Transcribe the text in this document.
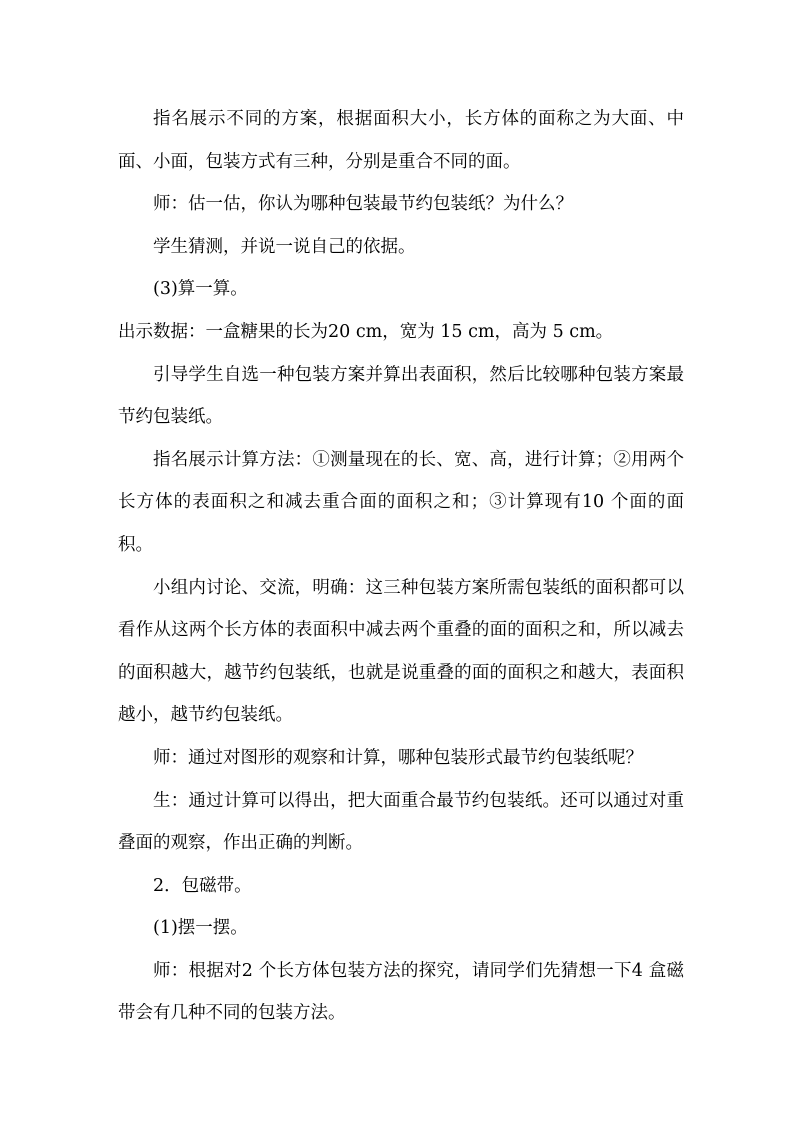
指名展示不同的方案，根据面积大小，长方体的面称之为大面、中面、小面，包装方式有三种，分别是重合不同的面。

师：估一估，你认为哪种包装最节约包装纸？为什么？

学生猜测，并说一说自己的依据。

(3)算一算。

出示数据：一盒糖果的长为20 cm，宽为 15 cm，高为 5 cm。

引导学生自选一种包装方案并算出表面积，然后比较哪种包装方案最节约包装纸。

指名展示计算方法：①测量现在的长、宽、高，进行计算；②用两个长方体的表面积之和减去重合面的面积之和；③计算现有10 个面的面积。

小组内讨论、交流，明确：这三种包装方案所需包装纸的面积都可以看作从这两个长方体的表面积中减去两个重叠的面的面积之和，所以减去的面积越大，越节约包装纸，也就是说重叠的面的面积之和越大，表面积越小，越节约包装纸。

师：通过对图形的观察和计算，哪种包装形式最节约包装纸呢？

生：通过计算可以得出，把大面重合最节约包装纸。还可以通过对重叠面的观察，作出正确的判断。

2．包磁带。

(1)摆一摆。

师：根据对2 个长方体包装方法的探究，请同学们先猜想一下4 盒磁带会有几种不同的包装方法。
